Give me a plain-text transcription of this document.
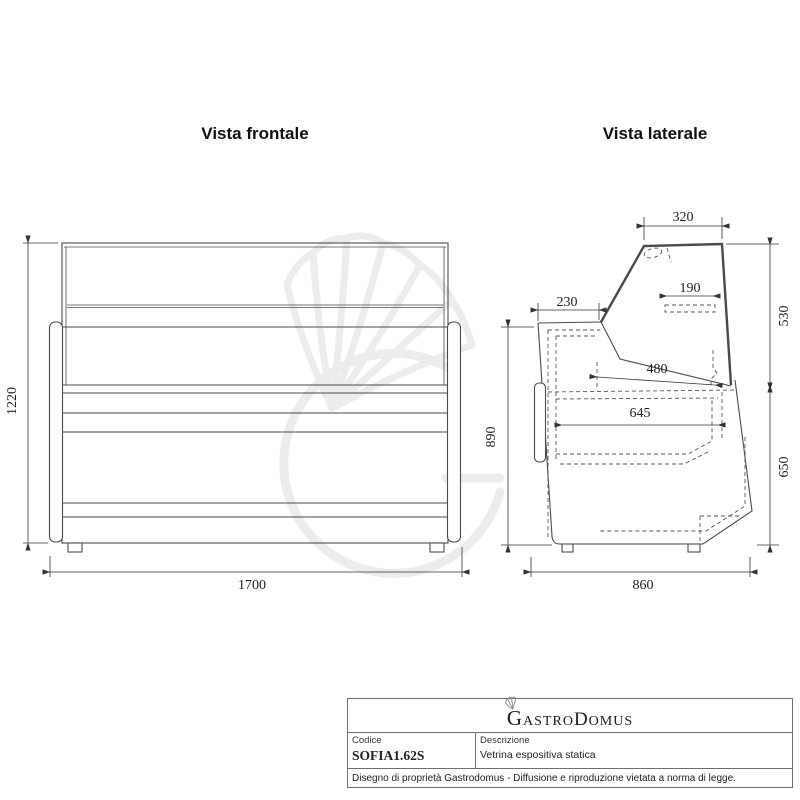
Vista frontale	Vista laterale
1700
1220
320
190
230
530
480
645
890
650
860
GASTRODOMUS
Codice
SOFIA1.62S
Descrizione
Vetrina espositiva statica
Disegno di proprietà Gastrodomus - Diffusione e riproduzione vietata a norma di legge.
